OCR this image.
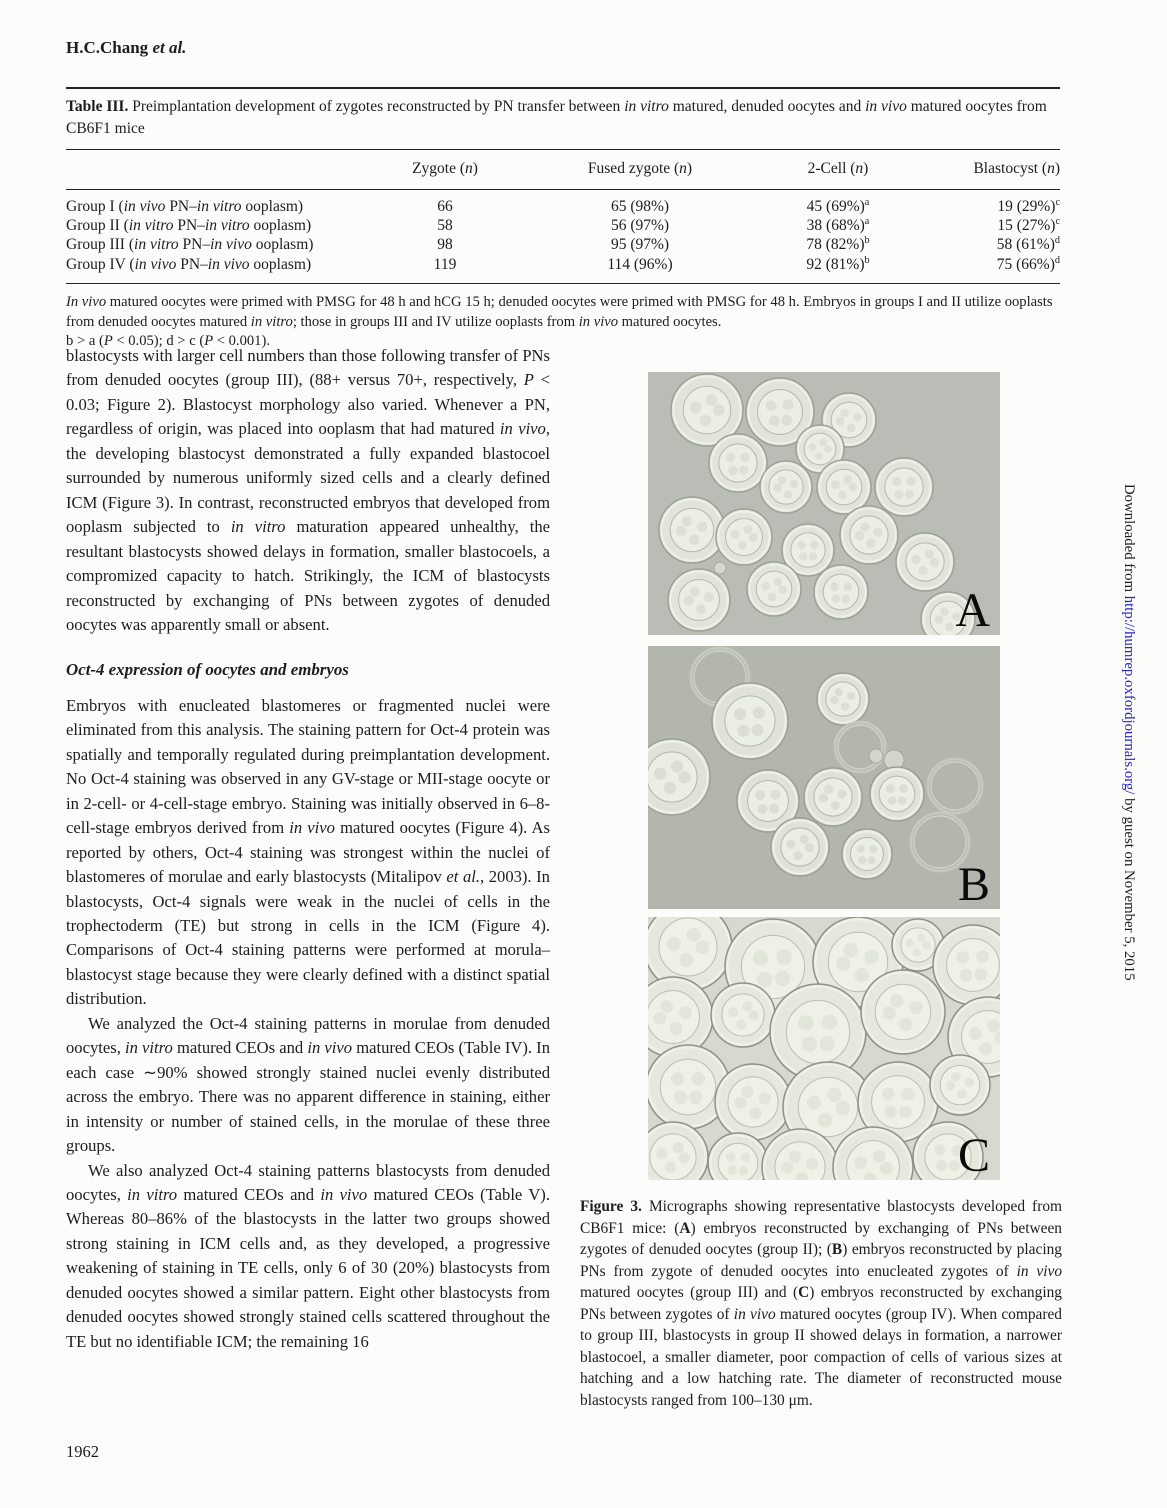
H.C.Chang et al.
Table III. Preimplantation development of zygotes reconstructed by PN transfer between in vitro matured, denuded oocytes and in vivo matured oocytes from CB6F1 mice
Zygote (n)	Fused zygote (n)	2-Cell (n)	Blastocyst (n)
Group I (in vivo PN–in vitro ooplasm)	66	65 (98%)	45 $(69\%)^a$	19 $(29\%)^c$
Group II (in vitro PN–in vitro ooplasm)	58	56 (97%)	38 $(68\%)^a$	15 $(27\%)^c$
Group III (in vitro PN–in vivo ooplasm)	98	95 (97%)	78 $(82\%)^b$	58 $(61\%)^d$
Group IV (in vivo PN–in vivo ooplasm)	119	114 (96%)	92 $(81\%)^b$	75 $(66\%)^d$
In vivo matured oocytes were primed with PMSG for 48 h and hCG 15 h; denuded oocytes were primed with PMSG for 48 h. Embryos in groups I and II utilize ooplasts from denuded oocytes matured in vitro; those in groups III and IV utilize ooplasts from in vivo matured oocytes.
b > a (P < 0.05); d > c (P < 0.001).

blastocysts with larger cell numbers than those following transfer of PNs from denuded oocytes (group III), (88+ versus 70+, respectively, P < 0.03; Figure 2). Blastocyst morphology also varied. Whenever a PN, regardless of origin, was placed into ooplasm that had matured in vivo, the developing blastocyst demonstrated a fully expanded blastocoel surrounded by numerous uniformly sized cells and a clearly defined ICM (Figure 3). In contrast, reconstructed embryos that developed from ooplasm subjected to in vitro maturation appeared unhealthy, the resultant blastocysts showed delays in formation, smaller blastocoels, a compromized capacity to hatch. Strikingly, the ICM of blastocysts reconstructed by exchanging of PNs between zygotes of denuded oocytes was apparently small or absent.

Oct-4 expression of oocytes and embryos

Embryos with enucleated blastomeres or fragmented nuclei were eliminated from this analysis. The staining pattern for Oct-4 protein was spatially and temporally regulated during preimplantation development. No Oct-4 staining was observed in any GV-stage or MII-stage oocyte or in 2-cell- or 4-cell-stage embryo. Staining was initially observed in 6–8-cell-stage embryos derived from in vivo matured oocytes (Figure 4). As reported by others, Oct-4 staining was strongest within the nuclei of blastomeres of morulae and early blastocysts (Mitalipov et al., 2003). In blastocysts, Oct-4 signals were weak in the nuclei of cells in the trophectoderm (TE) but strong in cells in the ICM (Figure 4). Comparisons of Oct-4 staining patterns were performed at morula–blastocyst stage because they were clearly defined with a distinct spatial distribution.

We analyzed the Oct-4 staining patterns in morulae from denuded oocytes, in vitro matured CEOs and in vivo matured CEOs (Table IV). In each case ∼90% showed strongly stained nuclei evenly distributed across the embryo. There was no apparent difference in staining, either in intensity or number of stained cells, in the morulae of these three groups.

We also analyzed Oct-4 staining patterns blastocysts from denuded oocytes, in vitro matured CEOs and in vivo matured CEOs (Table V). Whereas 80–86% of the blastocysts in the latter two groups showed strong staining in ICM cells and, as they developed, a progressive weakening of staining in TE cells, only 6 of 30 (20%) blastocysts from denuded oocytes showed a similar pattern. Eight other blastocysts from denuded oocytes showed strongly stained cells scattered throughout the TE but no identifiable ICM; the remaining 16

A
B
C
Figure 3. Micrographs showing representative blastocysts developed from CB6F1 mice: (A) embryos reconstructed by exchanging of PNs between zygotes of denuded oocytes (group II); (B) embryos reconstructed by placing PNs from zygote of denuded oocytes into enucleated zygotes of in vivo matured oocytes (group III) and (C) embryos reconstructed by exchanging PNs between zygotes of in vivo matured oocytes (group IV). When compared to group III, blastocysts in group II showed delays in formation, a narrower blastocoel, a smaller diameter, poor compaction of cells of various sizes at hatching and a low hatching rate. The diameter of reconstructed mouse blastocysts ranged from 100–130 μm.
Downloaded from http://humrep.oxfordjournals.org/ by guest on November 5, 2015
1962
